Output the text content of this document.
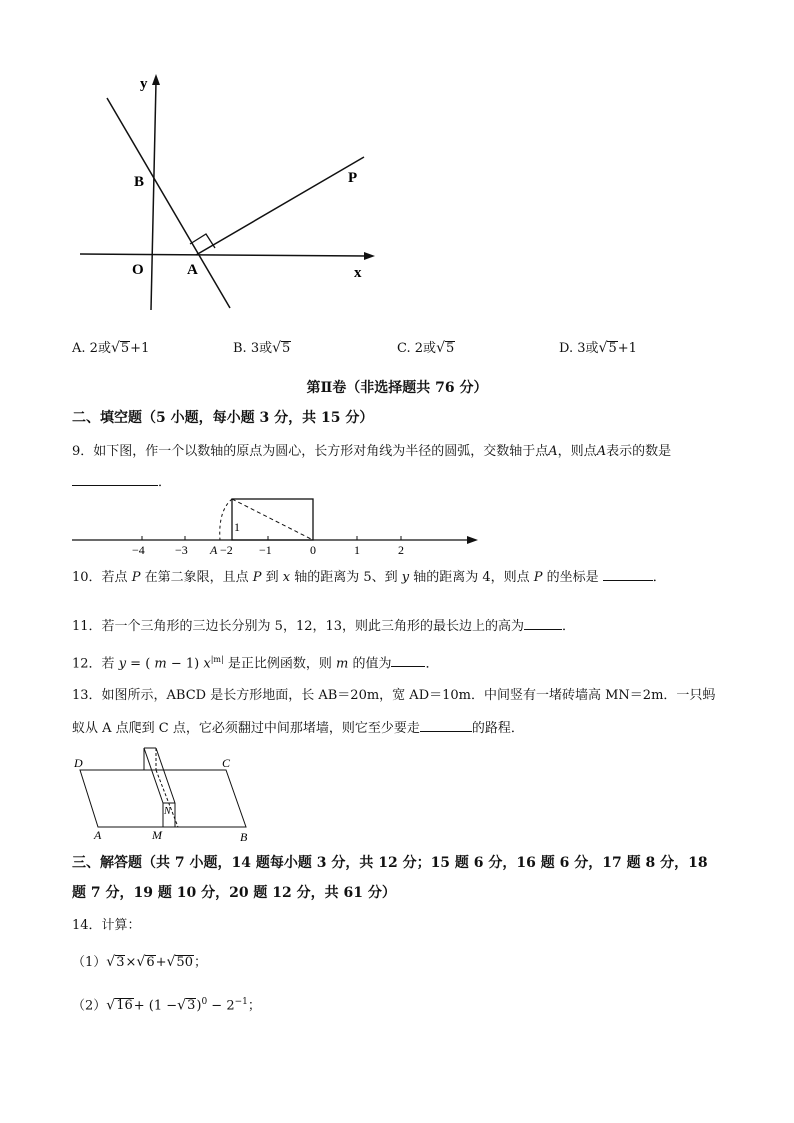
y
B	P
O	A	x
A. 2或√5+1	B. 3或√5	C. 2或√5	D. 3或√5+1
第Ⅱ卷（非选择题共 76 分）
二、填空题（5 小题，每小题 3 分，共 15 分）
9．如下图，作一个以数轴的原点为圆心，长方形对角线为半径的圆弧，交数轴于点A，则点A表示的数是
．
−4	−3 A −2 −1	0	1	2
1
10．若点 P 在第二象限，且点 P 到 x 轴的距离为 5、到 y 轴的距离为 4，则点 P 的坐标是	．
11．若一个三角形的三边长分别为 5，12，13，则此三角形的最长边上的高为	．
12．若 y = ( m − 1) $x^{|m|}$ 是正比例函数，则 m 的值为	．
13．如图所示，ABCD 是长方形地面，长 AB＝20m，宽 AD＝10m．中间竖有一堵砖墙高 MN＝2m．一只蚂
蚁从 A 点爬到 C 点，它必须翻过中间那堵墙，则它至少要走	的路程．
D	C
N
A	M	B
三、解答题（共 7 小题，14 题每小题 3 分，共 12 分；15 题 6 分，16 题 6 分，17 题 8 分，18
题 7 分，19 题 10 分，20 题 12 分，共 61 分）
14．计算：
（1）√3×√6+√50；
$(2)√16+ (1 -√3)^0 - 2^{-1}$；
